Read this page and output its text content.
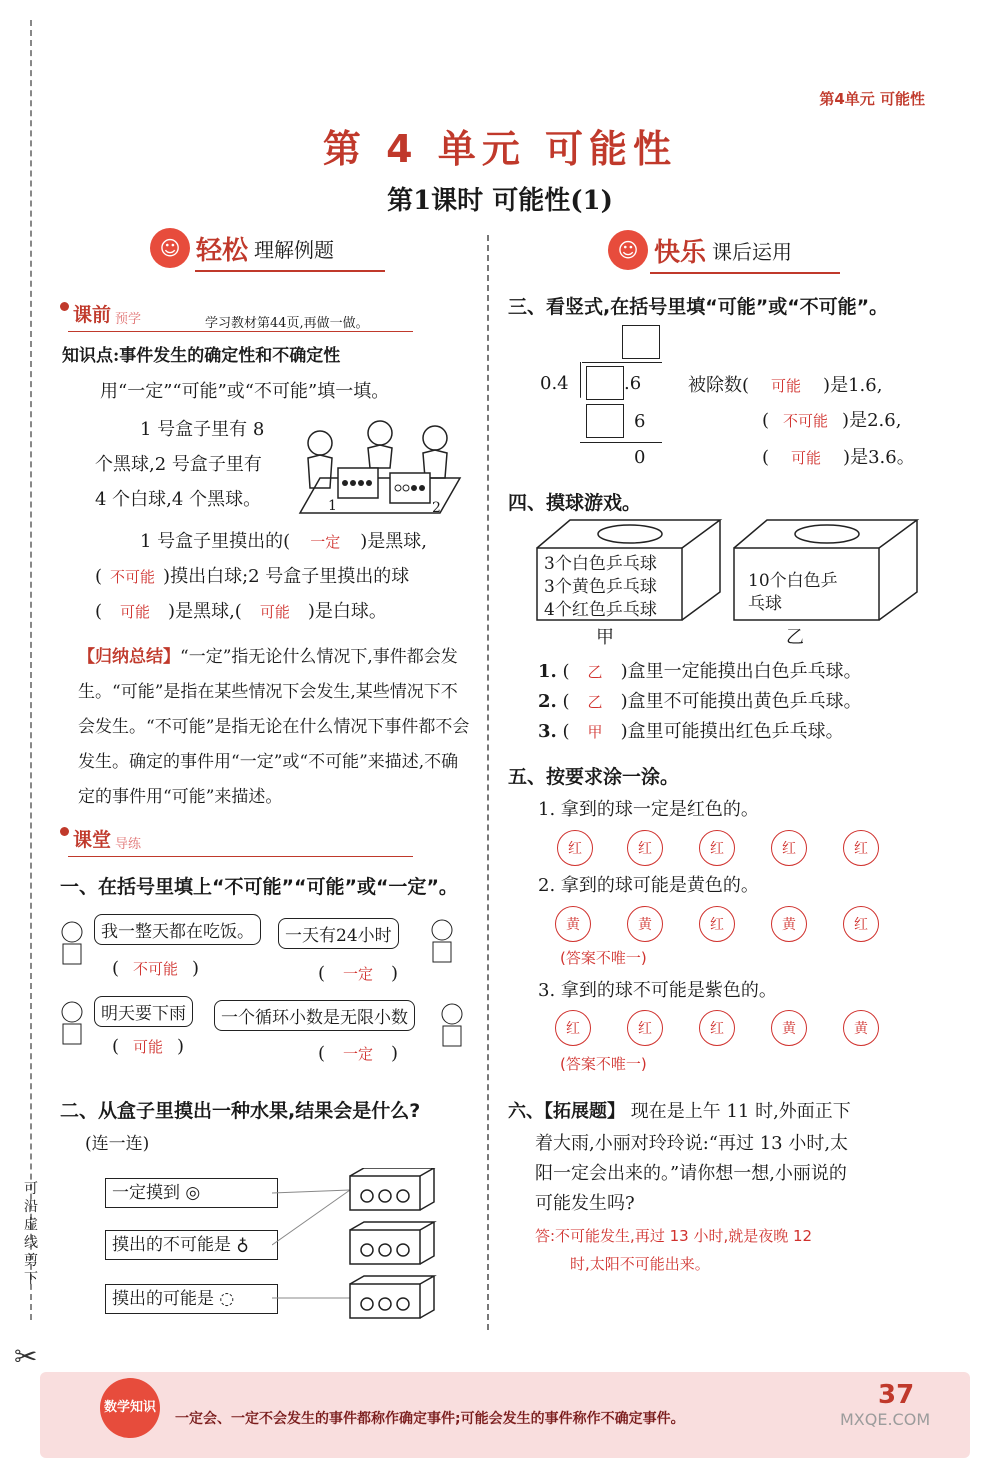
可沿虚线剪下
✂
第4单元 可能性
第 4 单元 可能性
第1课时 可能性(1)
☺ 轻松 理解例题
课前 预学	学习教材第44页,再做一做。
知识点:事件发生的确定性和不确定性
用“一定”“可能”或“不可能”填一填。
1 号盒子里有 8
个黑球,2 号盒子里有
4 个白球,4 个黑球。	1	2
1 号盒子里摸出的( 一定 )是黑球,
( 不可能 )摸出白球;2 号盒子里摸出的球
( 可能 )是黑球,( 可能 )是白球。
【归纳总结】“一定”指无论什么情况下,事件都会发生。“可能”是指在某些情况下会发生,某些情况下不会发生。“不可能”是指无论在什么情况下事件都不会发生。确定的事件用“一定”或“不可能”来描述,不确定的事件用“可能”来描述。
课堂 导练
一、在括号里填上“不可能”“可能”或“一定”。
我一整天都在吃饭。	一天有24小时
( 不可能 )	( 一定 )
明天要下雨	一个循环小数是无限小数
( 可能 )	( 一定 )
二、从盒子里摸出一种水果,结果会是什么?
(连一连)
一定摸到 ◎
摸出的不可能是 ♁
摸出的可能是 ◌
☺ 快乐 课后运用
三、看竖式,在括号里填“可能”或“不可能”。
0.4	.6
6
0
被除数( 可能 )是1.6,
( 不可能 )是2.6,
( 可能 )是3.6。
四、摸球游戏。
3个白色乒乓球
3个黄色乒乓球
4个红色乒乓球
10个白色乒
乓球
甲	乙
1. ( 乙 )盒里一定能摸出白色乒乓球。
2. ( 乙 )盒里不可能摸出黄色乒乓球。
3. ( 甲 )盒里可能摸出红色乒乓球。
五、按要求涂一涂。
1. 拿到的球一定是红色的。
红	红	红	红	红
2. 拿到的球可能是黄色的。
黄	黄	红	黄	红
(答案不唯一)
3. 拿到的球不可能是紫色的。
红	红	红	黄	黄
(答案不唯一)
六、【拓展题】 现在是上午 11 时,外面正下
着大雨,小丽对玲玲说:“再过 13 小时,太
阳一定会出来的。”请你想一想,小丽说的
可能发生吗?
答:不可能发生,再过 13 小时,就是夜晚 12
时,太阳不可能出来。
数学知识
一定会、一定不会发生的事件都称作确定事件;可能会发生的事件称作不确定事件。
37
MXQE.COM
